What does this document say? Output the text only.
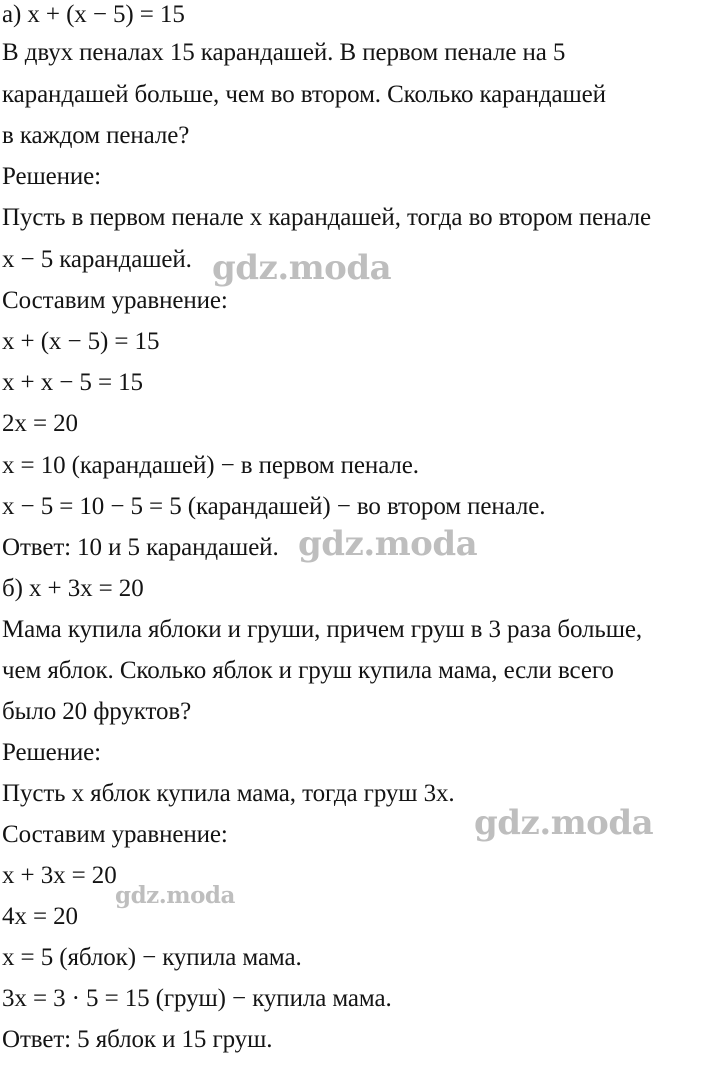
а) x + (x − 5) = 15
В двух пеналах 15 карандашей. В первом пенале на 5
карандашей больше, чем во втором. Сколько карандашей
в каждом пенале?
Решение:
Пусть в первом пенале x карандашей, тогда во втором пенале
x − 5 карандашей.
Составим уравнение:
x + (x − 5) = 15
x + x − 5 = 15
2x = 20
x = 10 (карандашей) − в первом пенале.
x − 5 = 10 − 5 = 5 (карандашей) − во втором пенале.
Ответ: 10 и 5 карандашей.
б) x + 3x = 20
Мама купила яблоки и груши, причем груш в 3 раза больше,
чем яблок. Сколько яблок и груш купила мама, если всего
было 20 фруктов?
Решение:
Пусть x яблок купила мама, тогда груш 3x.
Составим уравнение:
x + 3x = 20
4x = 20
x = 5 (яблок) − купила мама.
3x = 3 · 5 = 15 (груш) − купила мама.
Ответ: 5 яблок и 15 груш.
gdz.moda
gdz.moda
gdz.moda
gdz.moda
